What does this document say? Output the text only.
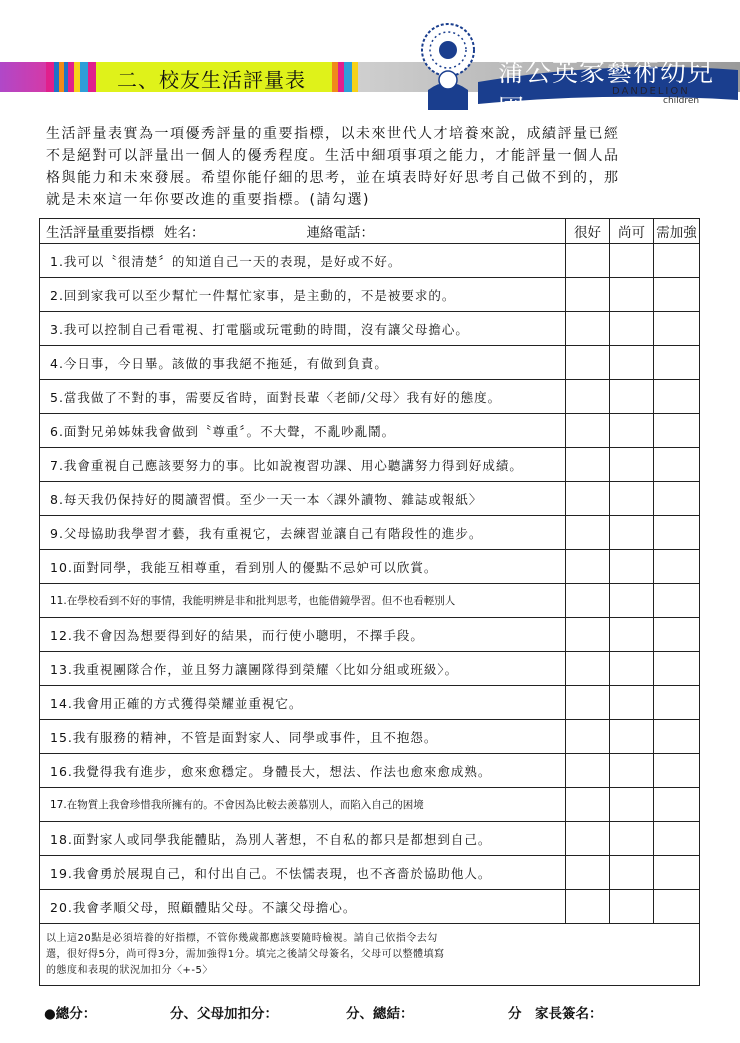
二、校友生活評量表	蒲公英家藝術幼兒園
DANDELION
children
生活評量表實為一項優秀評量的重要指標，以未來世代人才培養來說，成績評量已經
不是絕對可以評量出一個人的優秀程度。生活中細項事項之能力，才能評量一個人品
格與能力和未來發展。希望你能仔細的思考，並在填表時好好思考自己做不到的，那
就是未來這一年你要改進的重要指標。(請勾選)
生活評量重要指標 姓名： 連絡電話：	很好	尚可	需加強
1.我可以〝很清楚〞的知道自己一天的表現，是好或不好。			
2.回到家我可以至少幫忙一件幫忙家事，是主動的，不是被要求的。			
3.我可以控制自己看電視、打電腦或玩電動的時間，沒有讓父母擔心。			
4.今日事，今日畢。該做的事我絕不拖延，有做到負責。			
5.當我做了不對的事，需要反省時，面對長輩〈老師/父母〉我有好的態度。			
6.面對兄弟姊妹我會做到〝尊重〞。不大聲，不亂吵亂鬧。			
7.我會重視自己應該要努力的事。比如說複習功課、用心聽講努力得到好成績。			
8.每天我仍保持好的閱讀習慣。至少一天一本〈課外讀物、雜誌或報紙〉			
9.父母協助我學習才藝，我有重視它，去練習並讓自己有階段性的進步。			
10.面對同學，我能互相尊重，看到別人的優點不忌妒可以欣賞。			
11.在學校看到不好的事情，我能明辨是非和批判思考，也能借鏡學習。但不也看輕別人			
12.我不會因為想要得到好的結果，而行使小聰明，不擇手段。			
13.我重視團隊合作，並且努力讓團隊得到榮耀〈比如分組或班級〉。			
14.我會用正確的方式獲得榮耀並重視它。			
15.我有服務的精神，不管是面對家人、同學或事件，且不抱怨。			
16.我覺得我有進步，愈來愈穩定。身體長大，想法、作法也愈來愈成熟。			
17.在物質上我會珍惜我所擁有的。不會因為比較去羨慕別人，而陷入自己的困境			
18.面對家人或同學我能體貼，為別人著想，不自私的都只是都想到自己。			
19.我會勇於展現自己，和付出自己。不怯懦表現，也不吝嗇於協助他人。			
20.我會孝順父母，照顧體貼父母。不讓父母擔心。			

以上這20點是必須培養的好指標，不管你幾歲都應該要隨時檢視。請自己依指令去勾
選，很好得5分，尚可得3分，需加強得1分。填完之後請父母簽名，父母可以整體填寫
的態度和表現的狀況加扣分〈+-5〉			
●總分：	分、父母加扣分：	分、總結：	分　家長簽名：
